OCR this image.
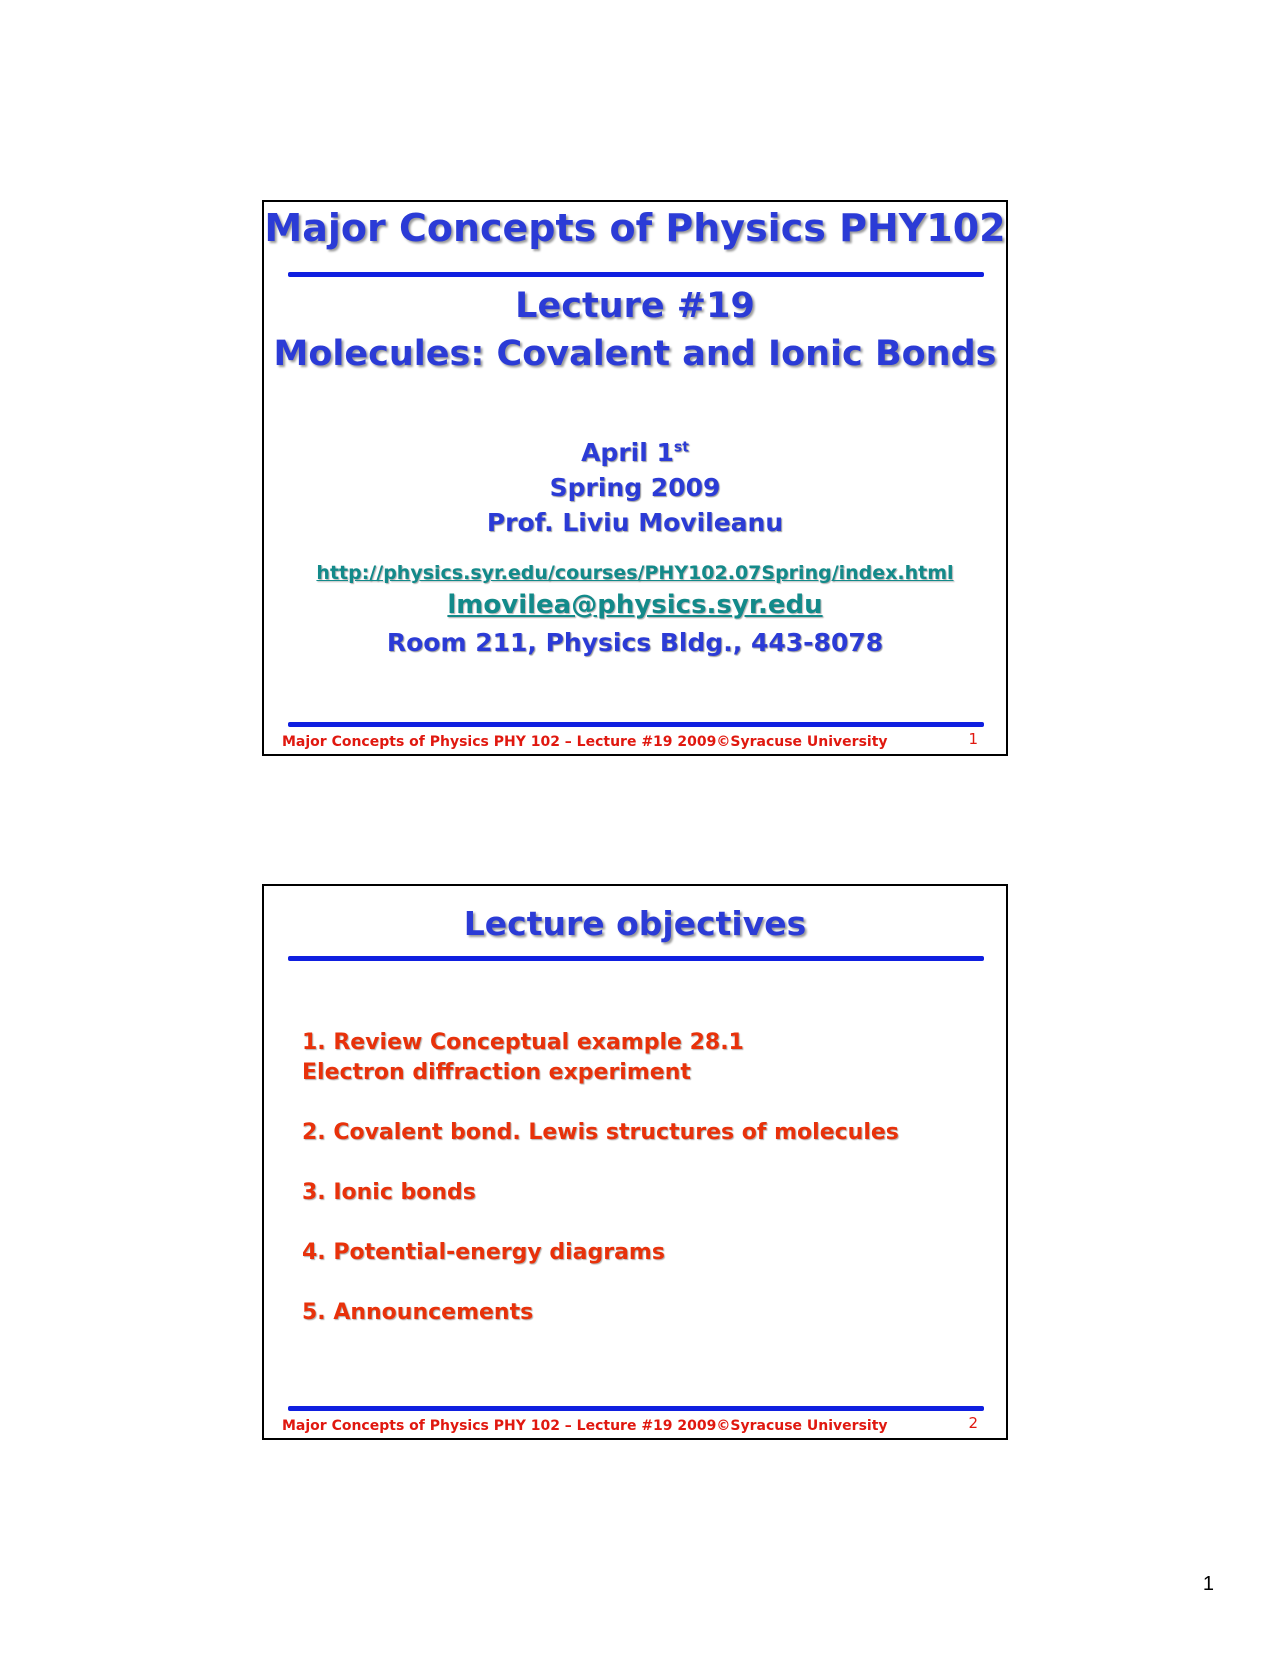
Major Concepts of Physics PHY102
Lecture #19
Molecules: Covalent and Ionic Bonds
April 1st
Spring 2009
Prof. Liviu Movileanu
http://physics.syr.edu/courses/PHY102.07Spring/index.html
lmovilea@physics.syr.edu
Room 211, Physics Bldg., 443-8078
Major Concepts of Physics PHY 102 – Lecture #19 2009©Syracuse University	1
Lecture objectives
1. Review Conceptual example 28.1
Electron diffraction experiment
2. Covalent bond. Lewis structures of molecules
3. Ionic bonds
4. Potential-energy diagrams
5. Announcements
Major Concepts of Physics PHY 102 – Lecture #19 2009©Syracuse University	2
1
